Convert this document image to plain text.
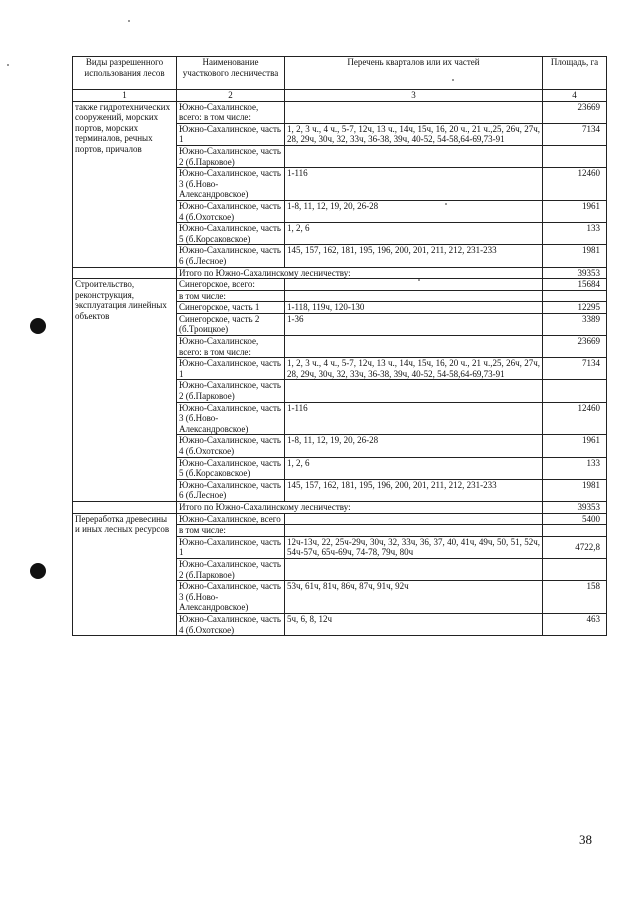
Виды разрешенного использования лесов	Наименование участкового лесничества	Перечень кварталов или их частей	Площадь, га
1	2	3	4
также гидротехнических сооружений, морских портов, морских терминалов, речных портов, причалов	Южно-Сахалинское, всего: в том числе:		23669
	Южно-Сахалинское, часть 1	1, 2, 3 ч., 4 ч., 5-7, 12ч, 13 ч., 14ч, 15ч, 16, 20 ч., 21 ч.,25, 26ч, 27ч, 28, 29ч, 30ч, 32, 33ч, 36-38, 39ч, 40-52, 54-58,64-69,73-91	7134
	Южно-Сахалинское, часть 2 (б.Парковое)		
	Южно-Сахалинское, часть 3 (б.Ново-Александровское)	1-116	12460
	Южно-Сахалинское, часть 4 (б.Охотское)	1-8, 11, 12, 19, 20, 26-28	1961
	Южно-Сахалинское, часть 5 (б.Корсаковское)	1, 2, 6	133
	Южно-Сахалинское, часть 6 (б.Лесное)	145, 157, 162, 181, 195, 196, 200, 201, 211, 212, 231-233	1981
	Итого по Южно-Сахалинскому лесничеству:		39353
Строительство, реконструкция, эксплуатация линейных объектов	Синегорское, всего:		15684
	в том числе:		
	Синегорское, часть 1	1-118, 119ч, 120-130	12295
	Синегорское, часть 2 (б.Троицкое)	1-36	3389
	Южно-Сахалинское, всего: в том числе:		23669
	Южно-Сахалинское, часть 1	1, 2, 3 ч., 4 ч., 5-7, 12ч, 13 ч., 14ч, 15ч, 16, 20 ч., 21 ч.,25, 26ч, 27ч, 28, 29ч, 30ч, 32, 33ч, 36-38, 39ч, 40-52, 54-58,64-69,73-91	7134
	Южно-Сахалинское, часть 2 (б.Парковое)		
	Южно-Сахалинское, часть 3 (б.Ново-Александровское)	1-116	12460
	Южно-Сахалинское, часть 4 (б.Охотское)	1-8, 11, 12, 19, 20, 26-28	1961
	Южно-Сахалинское, часть 5 (б.Корсаковское)	1, 2, 6	133
	Южно-Сахалинское, часть 6 (б.Лесное)	145, 157, 162, 181, 195, 196, 200, 201, 211, 212, 231-233	1981
	Итого по Южно-Сахалинскому лесничеству:		39353
Переработка древесины и иных лесных ресурсов	Южно-Сахалинское, всего		5400
	в том числе:		
	Южно-Сахалинское, часть 1	12ч-13ч, 22, 25ч-29ч, 30ч, 32, 33ч, 36, 37, 40, 41ч, 49ч, 50, 51, 52ч, 54ч-57ч, 65ч-69ч, 74-78, 79ч, 80ч	4722,8
	Южно-Сахалинское, часть 2 (б.Парковое)		
	Южно-Сахалинское, часть 3 (б.Ново-Александровское)	53ч, 61ч, 81ч, 86ч, 87ч, 91ч, 92ч	158
	Южно-Сахалинское, часть 4 (б.Охотское)	5ч, 6, 8, 12ч	463
38
